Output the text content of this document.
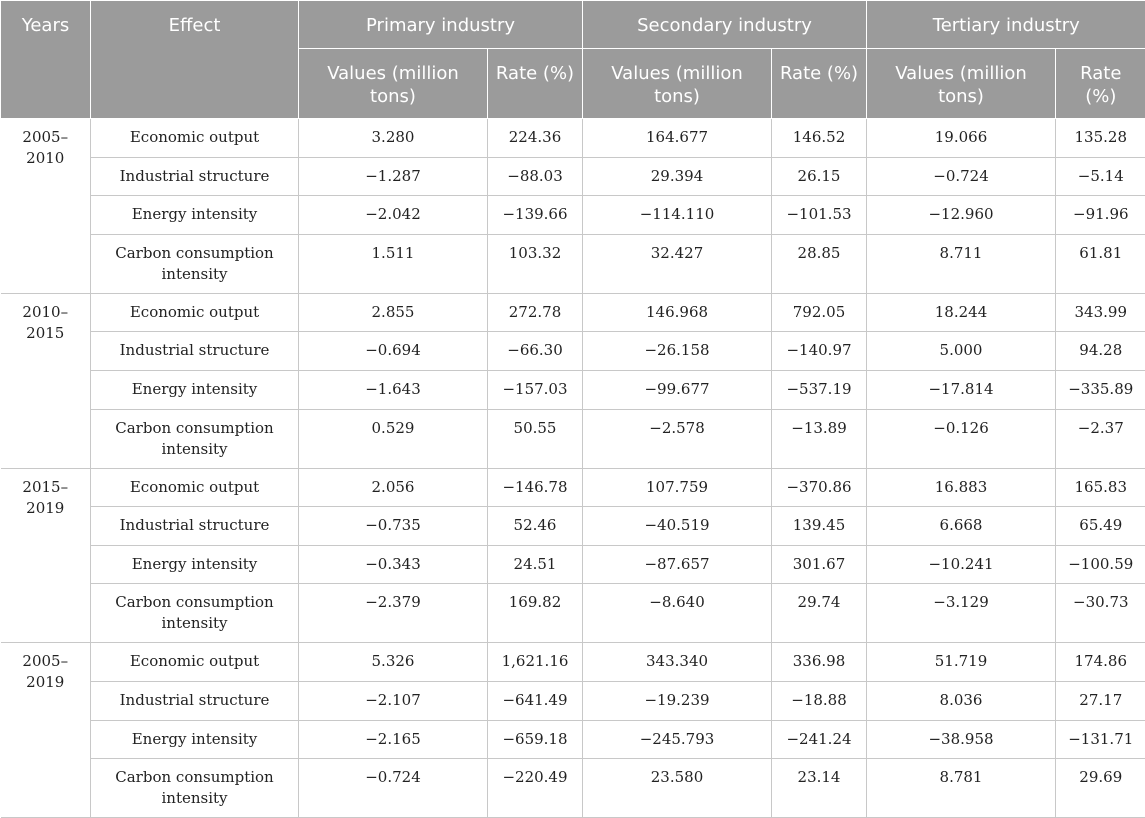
Years	Effect	Primary industry		Secondary industry		Tertiary industry	
		Values (million tons)	Rate (%)	Values (million tons)	Rate (%)	Values (million tons)	Rate (%)
2005–2010	Economic output	3.280	224.36	164.677	146.52	19.066	135.28
	Industrial structure	−1.287	−88.03	29.394	26.15	−0.724	−5.14
	Energy intensity	−2.042	−139.66	−114.110	−101.53	−12.960	−91.96
	Carbon consumption intensity	1.511	103.32	32.427	28.85	8.711	61.81
2010–2015	Economic output	2.855	272.78	146.968	792.05	18.244	343.99
	Industrial structure	−0.694	−66.30	−26.158	−140.97	5.000	94.28
	Energy intensity	−1.643	−157.03	−99.677	−537.19	−17.814	−335.89
	Carbon consumption intensity	0.529	50.55	−2.578	−13.89	−0.126	−2.37
2015–2019	Economic output	2.056	−146.78	107.759	−370.86	16.883	165.83
	Industrial structure	−0.735	52.46	−40.519	139.45	6.668	65.49
	Energy intensity	−0.343	24.51	−87.657	301.67	−10.241	−100.59
	Carbon consumption intensity	−2.379	169.82	−8.640	29.74	−3.129	−30.73
2005–2019	Economic output	5.326	1,621.16	343.340	336.98	51.719	174.86
	Industrial structure	−2.107	−641.49	−19.239	−18.88	8.036	27.17
	Energy intensity	−2.165	−659.18	−245.793	−241.24	−38.958	−131.71
	Carbon consumption intensity	−0.724	−220.49	23.580	23.14	8.781	29.69
